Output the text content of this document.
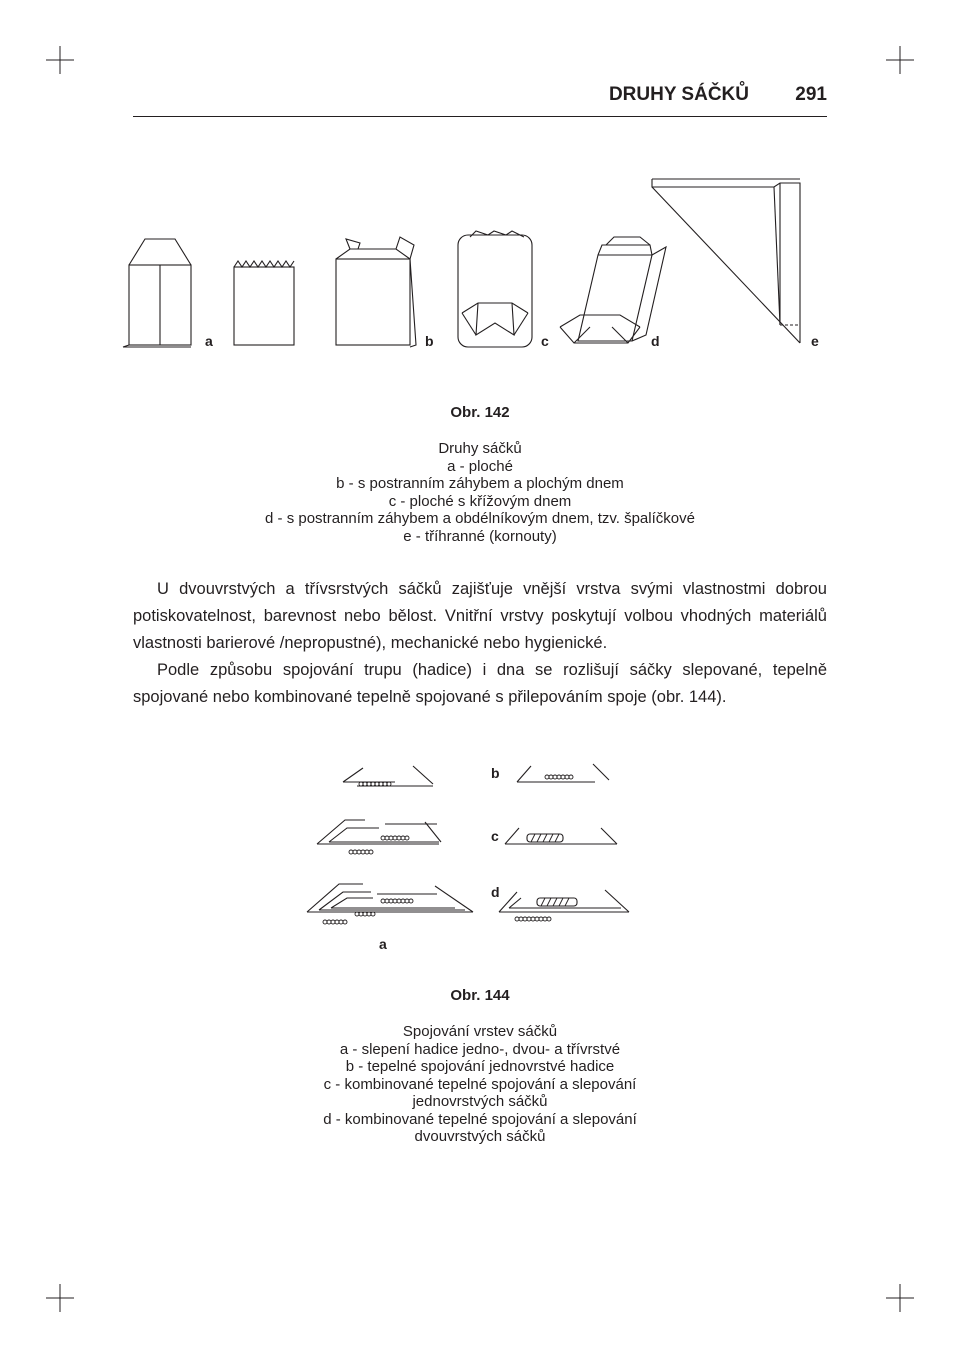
DRUHY SÁČKŮ 291
a	b	c	d	e
Obr. 142
Druhy sáčků
a - ploché
b - s postranním záhybem a plochým dnem
c - ploché s křížovým dnem
d - s postranním záhybem a obdélníkovým dnem, tzv. špalíčkové
e - tříhranné (kornouty)

U dvouvrstvých a třívsrstvých sáčků zajišťuje vnější vrstva svými vlastnostmi dobrou potiskovatelnost, barevnost nebo bělost. Vnitřní vrstvy poskytují volbou vhodných materiálů vlastnosti barierové /nepropustné), mechanické nebo hygienické.

Podle způsobu spojování trupu (hadice) i dna se rozlišují sáčky slepované, tepelně spojované nebo kombinované tepelně spojované s přilepováním spoje (obr. 144).

b
c
d
a
Obr. 144
Spojování vrstev sáčků
a - slepení hadice jedno-, dvou- a třívrstvé
b - tepelné spojování jednovrstvé hadice
c - kombinované tepelné spojování a slepování
jednovrstvých sáčků
d - kombinované tepelné spojování a slepování
dvouvrstvých sáčků
